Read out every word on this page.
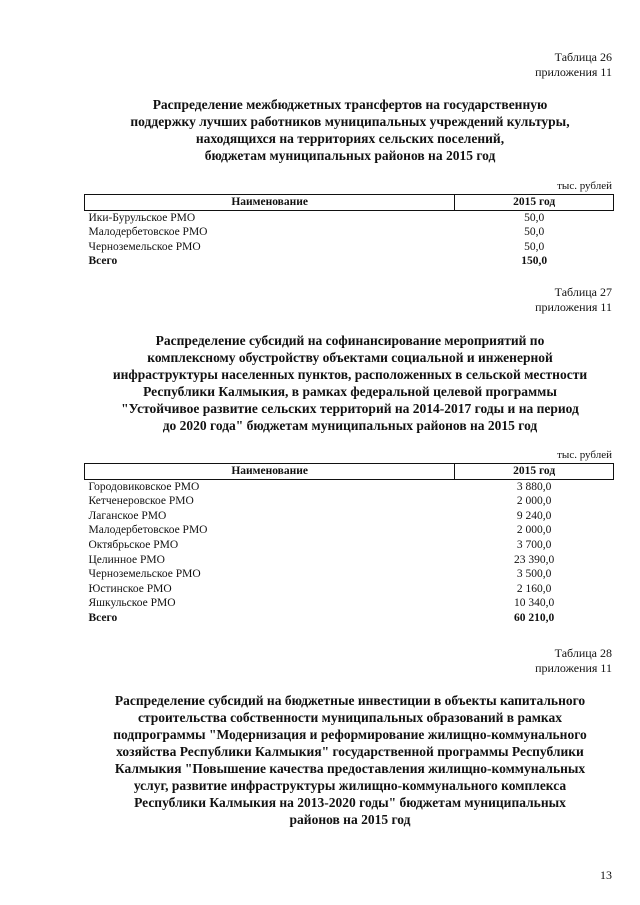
Таблица 26
приложения 11
Распределение межбюджетных трансфертов на государственную
поддержку лучших работников муниципальных учреждений культуры,
находящихся на территориях сельских поселений,
бюджетам муниципальных районов на 2015 год
тыс. рублей
Наименование	2015 год
Ики-Бурульское РМО	50,0
Малодербетовское РМО	50,0
Черноземельское РМО	50,0
Всего	150,0
Таблица 27
приложения 11
Распределение субсидий на софинансирование мероприятий по
комплексному обустройству объектами социальной и инженерной
инфраструктуры населенных пунктов, расположенных в сельской местности
Республики Калмыкия, в рамках федеральной целевой программы
"Устойчивое развитие сельских территорий на 2014-2017 годы и на период
до 2020 года" бюджетам муниципальных районов на 2015 год
тыс. рублей
Наименование	2015 год
Городовиковское РМО	3 880,0
Кетченеровское РМО	2 000,0
Лаганское РМО	9 240,0
Малодербетовское РМО	2 000,0
Октябрьское РМО	3 700,0
Целинное РМО	23 390,0
Черноземельское РМО	3 500,0
Юстинское РМО	2 160,0
Яшкульское РМО	10 340,0
Всего	60 210,0
Таблица 28
приложения 11
Распределение субсидий на бюджетные инвестиции в объекты капитального
строительства собственности муниципальных образований в рамках
подпрограммы "Модернизация и реформирование жилищно-коммунального
хозяйства Республики Калмыкия" государственной программы Республики
Калмыкия "Повышение качества предоставления жилищно-коммунальных
услуг, развитие инфраструктуры жилищно-коммунального комплекса
Республики Калмыкия на 2013-2020 годы" бюджетам муниципальных
районов на 2015 год
13
